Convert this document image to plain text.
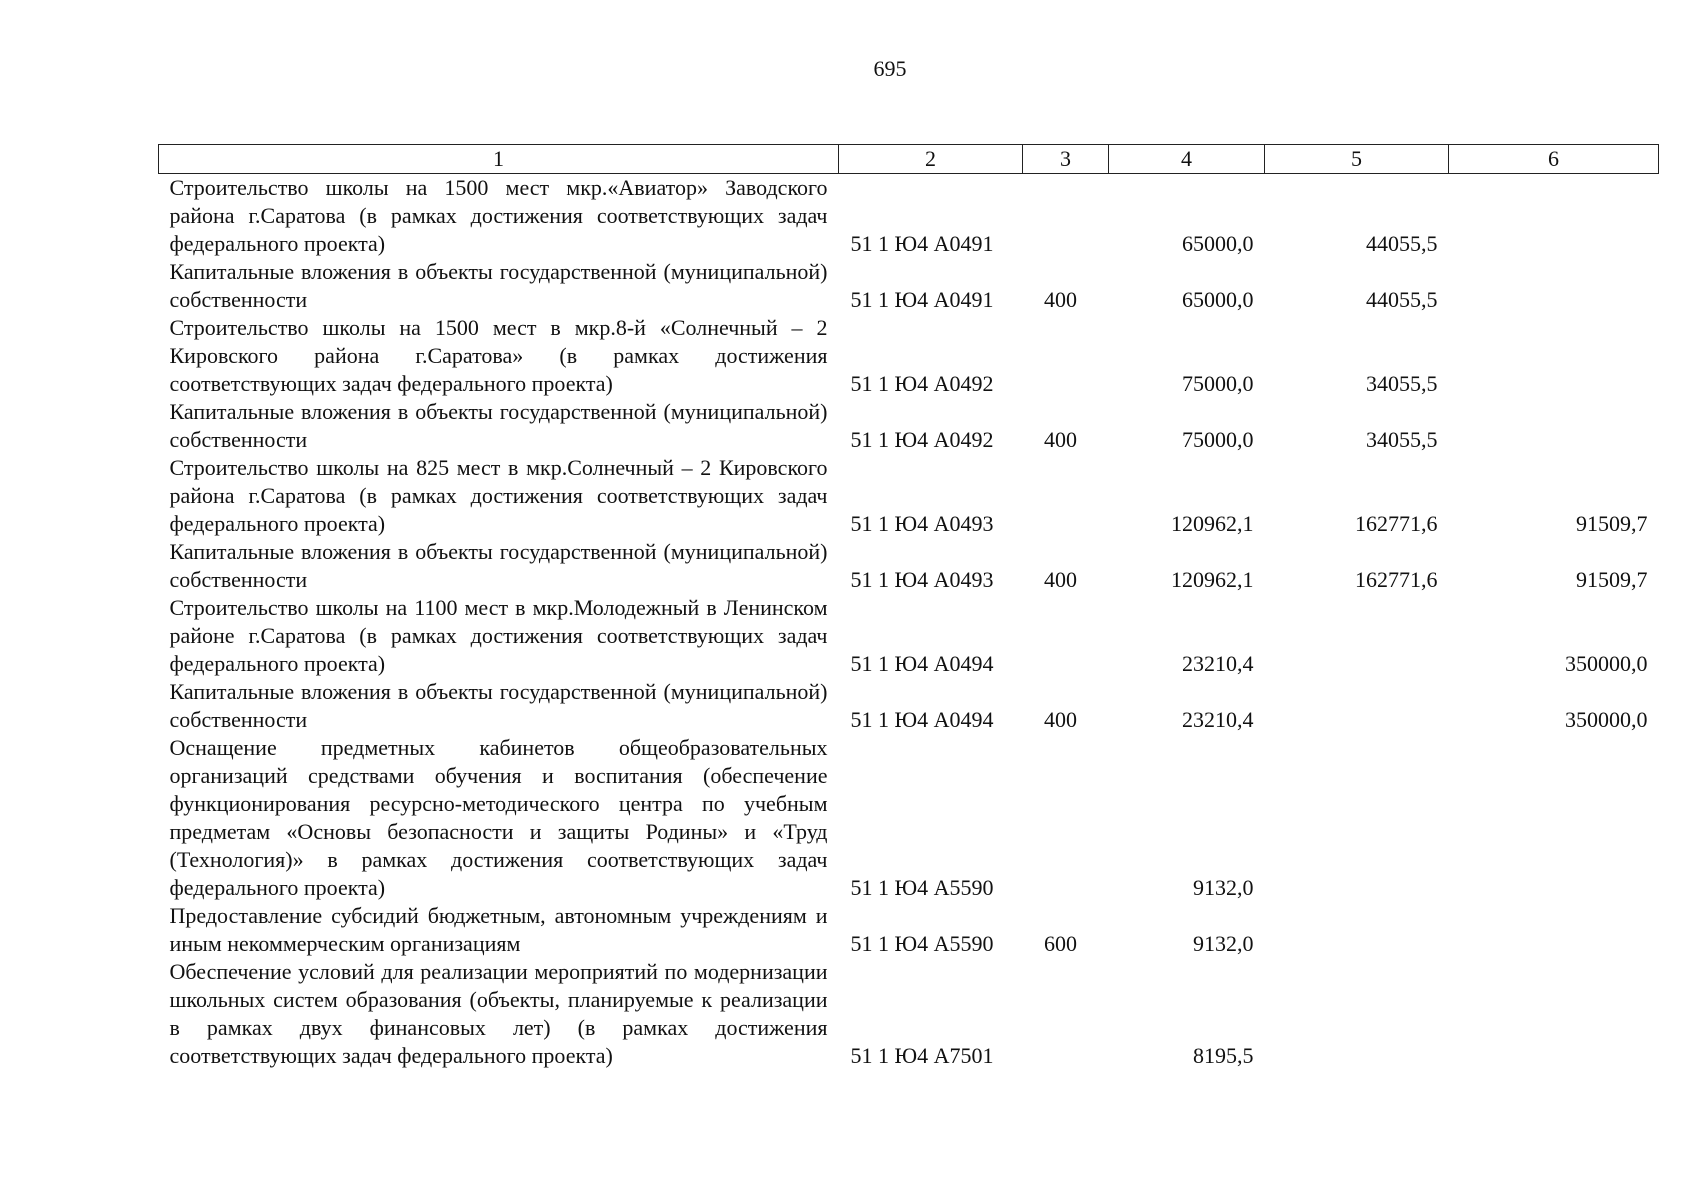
695
1	2	3	4	5	6
Строительство школы на 1500 мест мкр.«Авиатор» Заводского района г.Саратова (в рамках достижения соответствующих задач федерального проекта)	51 1 Ю4 A0491		65000,0	44055,5	
Капитальные вложения в объекты государственной (муниципальной) собственности	51 1 Ю4 A0491	400	65000,0	44055,5	
Строительство школы на 1500 мест в мкр.8-й «Солнечный – 2 Кировского района г.Саратова» (в рамках достижения соответствующих задач федерального проекта)	51 1 Ю4 A0492		75000,0	34055,5	
Капитальные вложения в объекты государственной (муниципальной) собственности	51 1 Ю4 A0492	400	75000,0	34055,5	
Строительство школы на 825 мест в мкр.Солнечный – 2 Кировского района г.Саратова (в рамках достижения соответствующих задач федерального проекта)	51 1 Ю4 A0493		120962,1	162771,6	91509,7
Капитальные вложения в объекты государственной (муниципальной) собственности	51 1 Ю4 A0493	400	120962,1	162771,6	91509,7
Строительство школы на 1100 мест в мкр.Молодежный в Ленинском районе г.Саратова (в рамках достижения соответствующих задач федерального проекта)	51 1 Ю4 A0494		23210,4		350000,0
Капитальные вложения в объекты государственной (муниципальной) собственности	51 1 Ю4 A0494	400	23210,4		350000,0
Оснащение предметных кабинетов общеобразовательных организаций средствами обучения и воспитания (обеспечение функционирования ресурсно-методического центра по учебным предметам «Основы безопасности и защиты Родины» и «Труд (Технология)» в рамках достижения соответствующих задач федерального проекта)	51 1 Ю4 A5590		9132,0		
Предоставление субсидий бюджетным, автономным учреждениям и иным некоммерческим организациям	51 1 Ю4 A5590	600	9132,0		
Обеспечение условий для реализации мероприятий по модернизации школьных систем образования (объекты, планируемые к реализации в рамках двух финансовых лет) (в рамках достижения соответствующих задач федерального проекта)	51 1 Ю4 A7501		8195,5		
